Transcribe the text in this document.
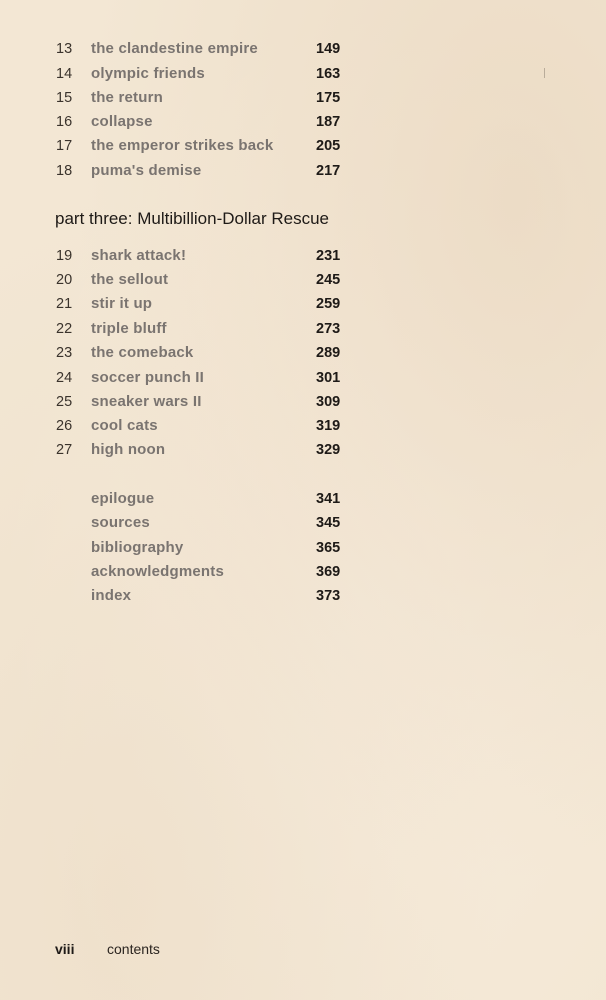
13 the clandestine empire	149
14 olympic friends	163
15 the return	175
16 collapse	187
17 the emperor strikes back	205
18 puma's demise	217
part three: Multibillion-Dollar Rescue
19 shark attack!	231
20 the sellout	245
21 stir it up	259
22 triple bluff	273
23 the comeback	289
24 soccer punch II	301
25 sneaker wars II	309
26 cool cats	319
27 high noon	329
epilogue	341
sources	345
bibliography	365
acknowledgments	369
index	373
viii contents
